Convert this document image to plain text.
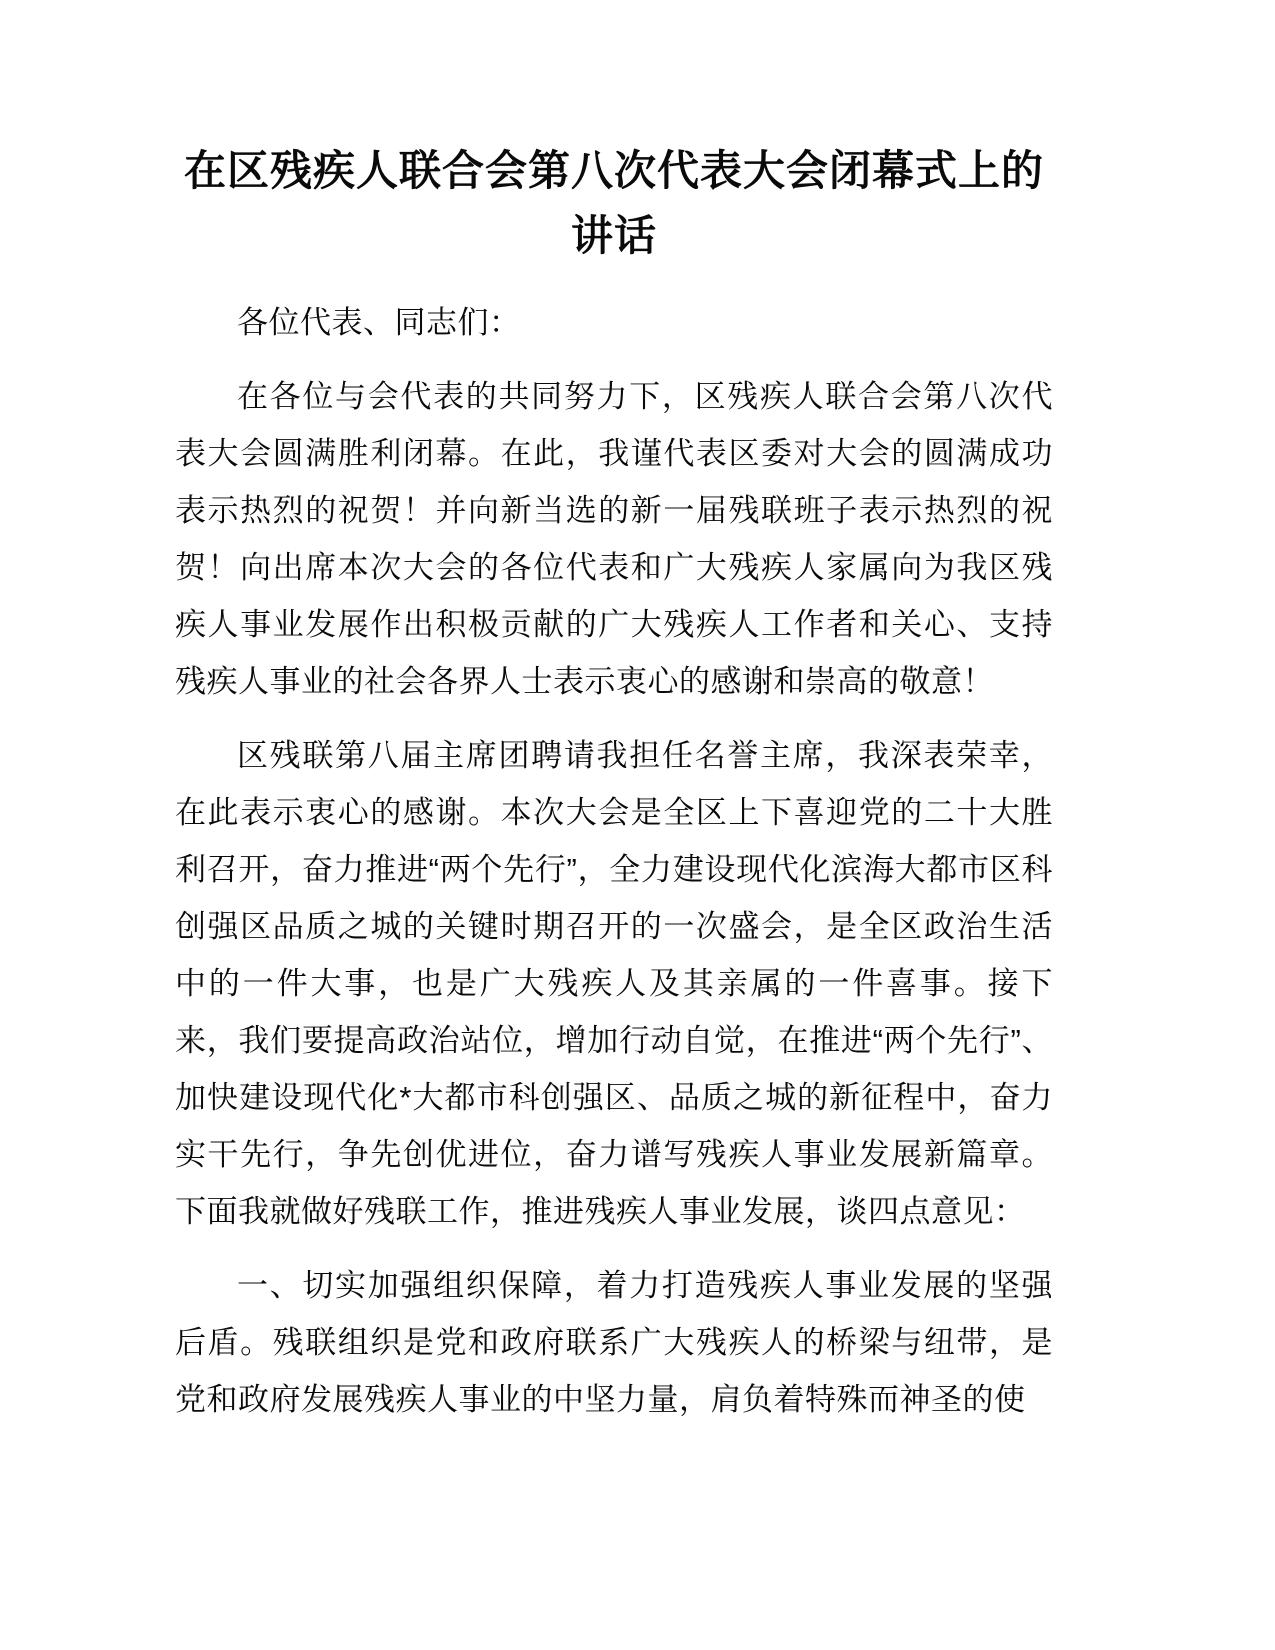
在区残疾人联合会第八次代表大会闭幕式上的
讲话

各位代表、同志们：

在各位与会代表的共同努力下，区残疾人联合会第八次代表大会圆满胜利闭幕。在此，我谨代表区委对大会的圆满成功表示热烈的祝贺！并向新当选的新一届残联班子表示热烈的祝贺！向出席本次大会的各位代表和广大残疾人家属向为我区残疾人事业发展作出积极贡献的广大残疾人工作者和关心、支持残疾人事业的社会各界人士表示衷心的感谢和崇高的敬意！

区残联第八届主席团聘请我担任名誉主席，我深表荣幸，在此表示衷心的感谢。本次大会是全区上下喜迎党的二十大胜利召开，奋力推进“两个先行”，全力建设现代化滨海大都市区科创强区品质之城的关键时期召开的一次盛会，是全区政治生活中的一件大事，也是广大残疾人及其亲属的一件喜事。接下来，我们要提高政治站位，增加行动自觉，在推进“两个先行”、加快建设现代化*大都市科创强区、品质之城的新征程中，奋力实干先行，争先创优进位，奋力谱写残疾人事业发展新篇章。下面我就做好残联工作，推进残疾人事业发展，谈四点意见：

一、切实加强组织保障，着力打造残疾人事业发展的坚强后盾。残联组织是党和政府联系广大残疾人的桥梁与纽带，是党和政府发展残疾人事业的中坚力量，肩负着特殊而神圣的使
